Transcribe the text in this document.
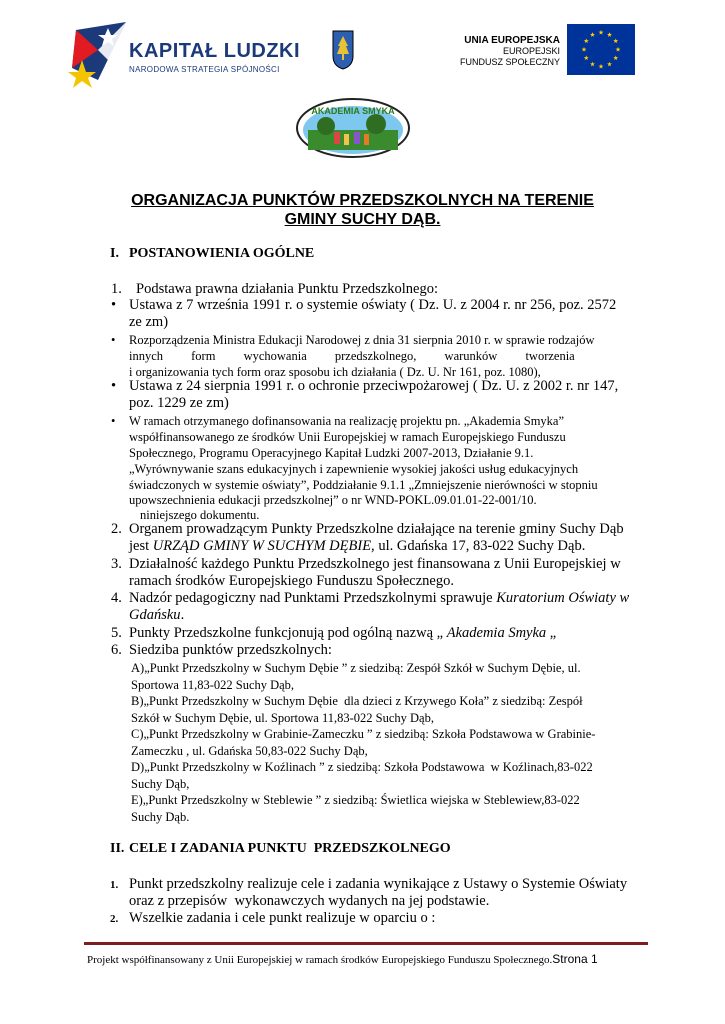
KAPITAŁ LUDZKI
NARODOWA STRATEGIA SPÓJNOŚCI
UNIA EUROPEJSKA
EUROPEJSKI
FUNDUSZ SPOŁECZNY
AKADEMIA SMYKA
ORGANIZACJA PUNKTÓW PRZEDSZKOLNYCH NA TERENIE
GMINY SUCHY DĄB.
I. POSTANOWIENIA OGÓLNE
1. Podstawa prawna działania Punktu Przedszkolnego:
• Ustawa z 7 września 1991 r. o systemie oświaty ( Dz. U. z 2004 r. nr 256, poz. 2572
ze zm)
• Rozporządzenia Ministra Edukacji Narodowej z dnia 31 sierpnia 2010 r. w sprawie rodzajów
innych         form         wychowania         przedszkolnego,         warunków         tworzenia
i organizowania tych form oraz sposobu ich działania ( Dz. U. Nr 161, poz. 1080),
• Ustawa z 24 sierpnia 1991 r. o ochronie przeciwpożarowej ( Dz. U. z 2002 r. nr 147,
poz. 1229 ze zm)
• W ramach otrzymanego dofinansowania na realizację projektu pn. „Akademia Smyka”
współfinansowanego ze środków Unii Europejskiej w ramach Europejskiego Funduszu
Społecznego, Programu Operacyjnego Kapitał Ludzki 2007-2013, Działanie 9.1.
„Wyrównywanie szans edukacyjnych i zapewnienie wysokiej jakości usług edukacyjnych
świadczonych w systemie oświaty”, Poddziałanie 9.1.1 „Zmniejszenie nierówności w stopniu
upowszechnienia edukacji przedszkolnej” o nr WND-POKL.09.01.01-22-001/10.
niniejszego dokumentu.
2. Organem prowadzącym Punkty Przedszkolne działające na terenie gminy Suchy Dąb
jest URZĄD GMINY W SUCHYM DĘBIE, ul. Gdańska 17, 83-022 Suchy Dąb.
3. Działalność każdego Punktu Przedszkolnego jest finansowana z Unii Europejskiej w
ramach środków Europejskiego Funduszu Społecznego.
4. Nadzór pedagogiczny nad Punktami Przedszkolnymi sprawuje Kuratorium Oświaty w
Gdańsku.
5. Punkty Przedszkolne funkcjonują pod ogólną nazwą „ Akademia Smyka „
6. Siedziba punktów przedszkolnych:
A)„Punkt Przedszkolny w Suchym Dębie ” z siedzibą: Zespół Szkół w Suchym Dębie, ul.
Sportowa 11,83-022 Suchy Dąb,
B)„Punkt Przedszkolny w Suchym Dębie  dla dzieci z Krzywego Koła” z siedzibą: Zespół
Szkół w Suchym Dębie, ul. Sportowa 11,83-022 Suchy Dąb,
C)„Punkt Przedszkolny w Grabinie-Zameczku ” z siedzibą: Szkoła Podstawowa w Grabinie-
Zameczku , ul. Gdańska 50,83-022 Suchy Dąb,
D)„Punkt Przedszkolny w Koźlinach ” z siedzibą: Szkoła Podstawowa  w Koźlinach,83-022
Suchy Dąb,
E)„Punkt Przedszkolny w Steblewie ” z siedzibą: Świetlica wiejska w Steblewiew,83-022
Suchy Dąb.
II. CELE I ZADANIA PUNKTU  PRZEDSZKOLNEGO
1. Punkt przedszkolny realizuje cele i zadania wynikające z Ustawy o Systemie Oświaty
oraz z przepisów  wykonawczych wydanych na jej podstawie.
2. Wszelkie zadania i cele punkt realizuje w oparciu o :
Projekt współfinansowany z Unii Europejskiej w ramach środków Europejskiego Funduszu Społecznego.Strona 1
